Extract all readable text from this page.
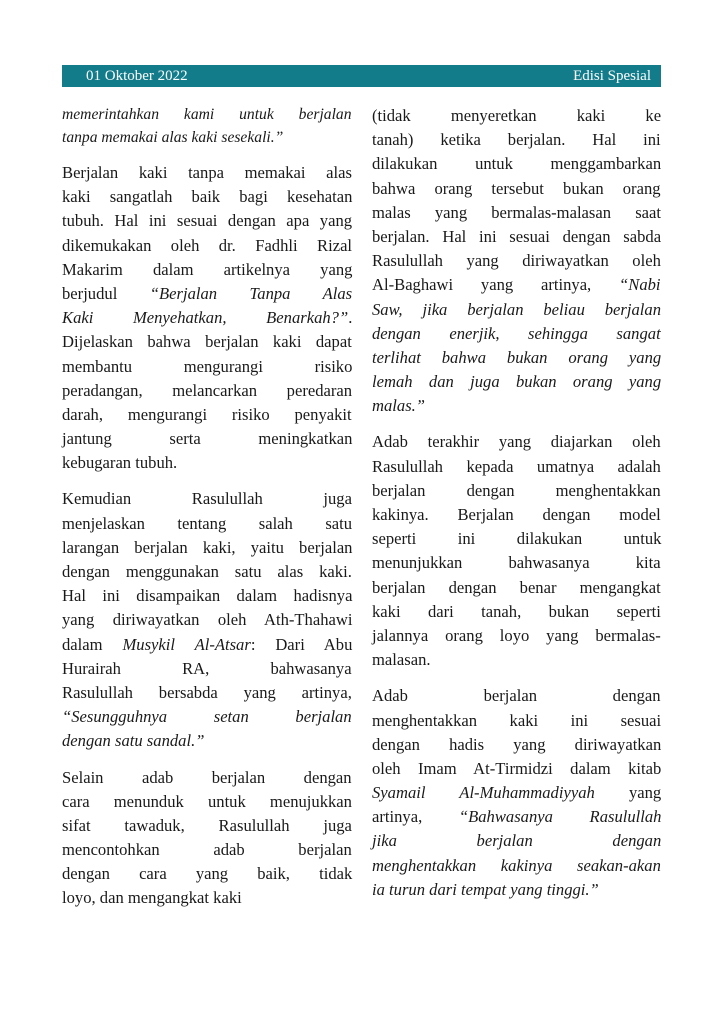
01 Oktober 2022	Edisi Spesial
memerintahkan kami untuk berjalan
tanpa memakai alas kaki sesekali.”
Berjalan kaki tanpa memakai alas
kaki sangatlah baik bagi kesehatan
tubuh. Hal ini sesuai dengan apa yang
dikemukakan oleh dr. Fadhli Rizal
Makarim dalam artikelnya yang
berjudul “Berjalan Tanpa Alas
Kaki Menyehatkan, Benarkah?”.
Dijelaskan bahwa berjalan kaki dapat
membantu mengurangi risiko
peradangan, melancarkan peredaran
darah, mengurangi risiko penyakit
jantung serta meningkatkan
kebugaran tubuh.
Kemudian Rasulullah juga
menjelaskan tentang salah satu
larangan berjalan kaki, yaitu berjalan
dengan menggunakan satu alas kaki.
Hal ini disampaikan dalam hadisnya
yang diriwayatkan oleh Ath-Thahawi
dalam Musykil Al-Atsar: Dari Abu
Hurairah RA, bahwasanya
Rasulullah bersabda yang artinya,
“Sesungguhnya setan berjalan
dengan satu sandal.”
Selain adab berjalan dengan
cara menunduk untuk menujukkan
sifat tawaduk, Rasulullah juga
mencontohkan adab berjalan
dengan cara yang baik, tidak
loyo, dan mengangkat kaki
(tidak menyeretkan kaki ke
tanah) ketika berjalan. Hal ini
dilakukan untuk menggambarkan
bahwa orang tersebut bukan orang
malas yang bermalas-malasan saat
berjalan. Hal ini sesuai dengan sabda
Rasulullah yang diriwayatkan oleh
Al-Baghawi yang artinya, “Nabi
Saw, jika berjalan beliau berjalan
dengan enerjik, sehingga sangat
terlihat bahwa bukan orang yang
lemah dan juga bukan orang yang
malas.”
Adab terakhir yang diajarkan oleh
Rasulullah kepada umatnya adalah
berjalan dengan menghentakkan
kakinya. Berjalan dengan model
seperti ini dilakukan untuk
menunjukkan bahwasanya kita
berjalan dengan benar mengangkat
kaki dari tanah, bukan seperti
jalannya orang loyo yang bermalas-
malasan.
Adab berjalan dengan
menghentakkan kaki ini sesuai
dengan hadis yang diriwayatkan
oleh Imam At-Tirmidzi dalam kitab
Syamail Al-Muhammadiyyah yang
artinya, “Bahwasanya Rasulullah
jika berjalan dengan
menghentakkan kakinya seakan-akan
ia turun dari tempat yang tinggi.”
